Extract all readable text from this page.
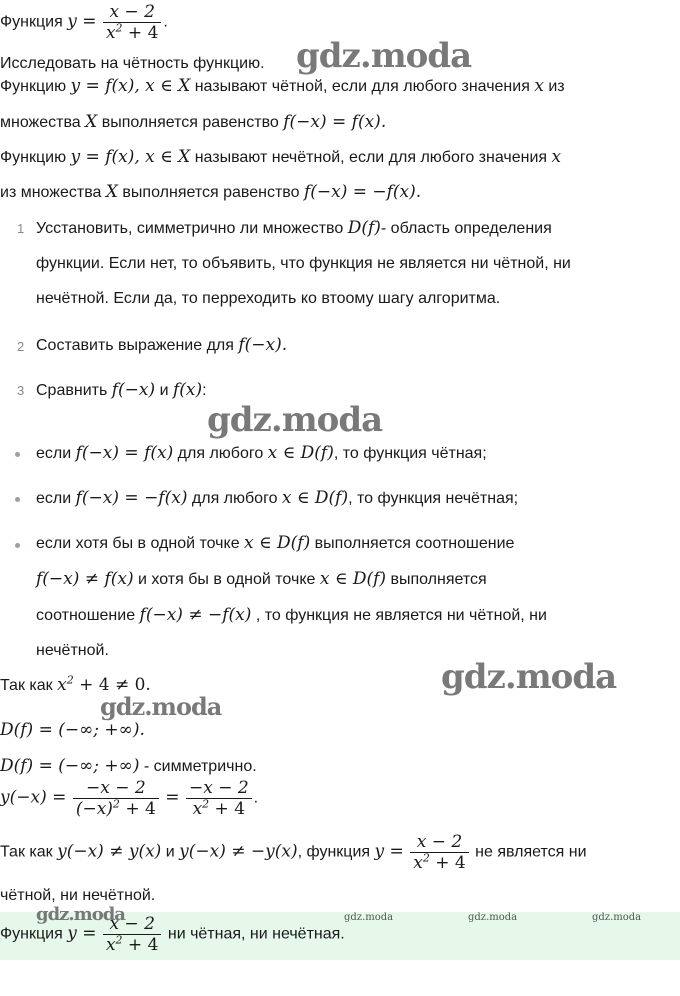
Функция $y = \frac{x - 2}{x^2 + 4}$ .
Исследовать на чётность функцию.
Функцию y = f(x), x ∈ X называют чётной, если для любого значения x из
множества X выполняется равенство f(−x) = f(x).
Функцию y = f(x), x ∈ X называют нечётной, если для любого значения x
из множества X выполняется равенство f(−x) = −f(x).
1 Усстановить, симметрично ли множество D(f)- область определения
функции. Если нет, то объявить, что функция не является ни чётной, ни
нечётной. Если да, то перреходить ко втоому шагу алгоритма.
2 Составить выражение для f(−x).
3 Сравнить f(−x) и f(x):
если f(−x) = f(x) для любого x ∈ D(f), то функция чётная;
если f(−x) = −f(x) для любого x ∈ D(f), то функция нечётная;
если хотя бы в одной точке x ∈ D(f) выполняется соотношение
f(−x) ≠ f(x) и хотя бы в одной точке x ∈ D(f) выполняется
соотношение f(−x) ≠ −f(x) , то функция не является ни чётной, ни
нечётной.
Так как $x^2 + 4 \ne 0$.
D(f) = (−∞; +∞).
D(f) = (−∞; +∞) - симметрично.
$y(-x) = \frac{-x - 2}{(-x)^2 + 4} = \frac{-x - 2}{x^2 + 4}$ .
Так как y(−x) ≠ y(x) и y(−x) ≠ −y(x), функция $y = \frac{x - 2}{x^2 + 4}$ не является ни
чётной, ни нечётной.
Функция $y = \frac{x - 2}{x^2 + 4}$ ни чётная, ни нечётная.
gdz.moda
gdz.moda
gdz.moda
gdz.moda
gdz.moda	gdz.moda	gdz.moda	gdz.moda
